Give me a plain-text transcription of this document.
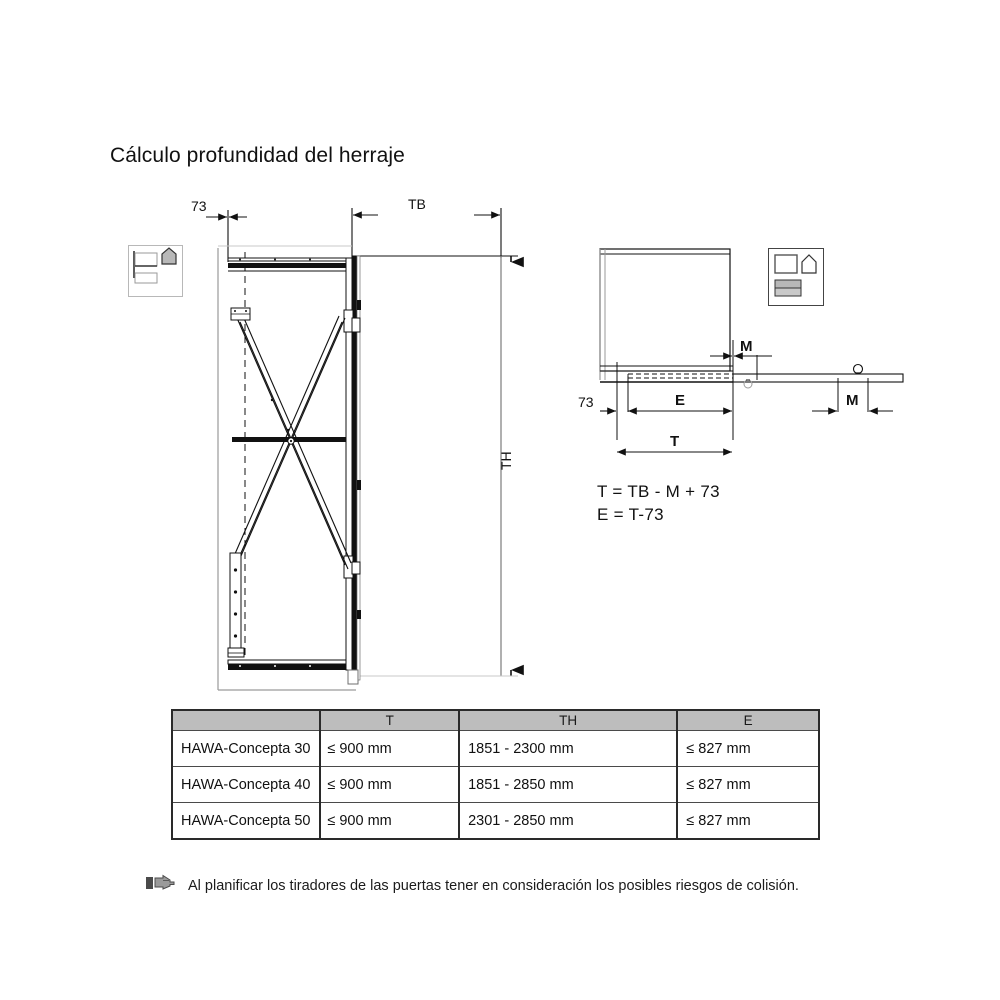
Cálculo profundidad del herraje
73	TB
TH
M
73	E
T
M
T = TB - M + 73
E = T-73
	T	TH	E

HAWA-Concepta 30	≤ 900 mm	1851 - 2300 mm	≤ 827 mm

HAWA-Concepta 40	≤ 900 mm	1851 - 2850 mm	≤ 827 mm

HAWA-Concepta 50	≤ 900 mm	2301 - 2850 mm	≤ 827 mm
Al planificar los tiradores de las puertas tener en consideración los posibles riesgos de colisión.
